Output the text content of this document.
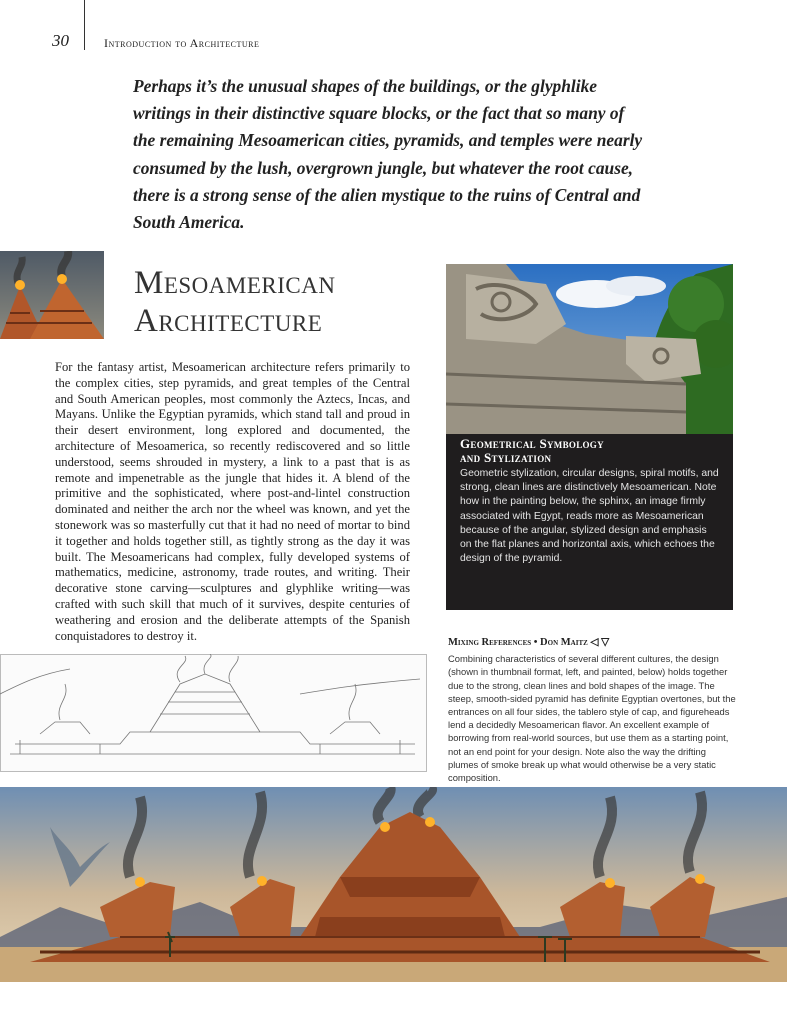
30	Introduction to Architecture
Perhaps it’s the unusual shapes of the buildings, or the glyphlike writings in their distinctive square blocks, or the fact that so many of the remaining Mesoamerican cities, pyramids, and temples were nearly consumed by the lush, overgrown jungle, but whatever the root cause, there is a strong sense of the alien mystique to the ruins of Central and South America.
Mesoamerican
Architecture
For the fantasy artist, Mesoamerican architecture refers primarily to the complex cities, step pyramids, and great temples of the Central and South American peoples, most commonly the Aztecs, Incas, and Mayans. Unlike the Egyptian pyramids, which stand tall and proud in their desert environment, long explored and documented, the architecture of Mesoamerica, so recently rediscovered and so little understood, seems shrouded in mystery, a link to a past that is as remote and impenetrable as the jungle that hides it. A blend of the primitive and the sophisticated, where post-and-lintel construction dominated and neither the arch nor the wheel was known, and yet the stonework was so masterfully cut that it had no need of mortar to bind it together and holds together still, as tightly strong as the day it was built. The Mesoamericans had complex, fully developed systems of mathematics, medicine, astronomy, trade routes, and writing. Their decorative stone carving—sculptures and glyphlike writing—was crafted with such skill that much of it survives, despite centuries of weathering and erosion and the deliberate attempts of the Spanish conquistadores to destroy it.
Geometrical Symbology
and Stylization
Geometric stylization, circular designs, spiral motifs, and strong, clean lines are distinctively Mesoamerican. Note how in the painting below, the sphinx, an image firmly associated with Egypt, reads more as Mesoamerican because of the angular, stylized design and emphasis on the flat planes and horizontal axis, which echoes the design of the pyramid.
Mixing References • Don Maitz ◁ ▽
Combining characteristics of several different cultures, the design (shown in thumbnail format, left, and painted, below) holds together due to the strong, clean lines and bold shapes of the image. The steep, smooth-sided pyramid has definite Egyptian overtones, but the entrances on all four sides, the tablero style of cap, and figureheads lend a decidedly Mesoamerican flavor. An excellent example of borrowing from real-world sources, but use them as a starting point, not an end point for your design. Note also the way the drifting plumes of smoke break up what would otherwise be a very static composition.
